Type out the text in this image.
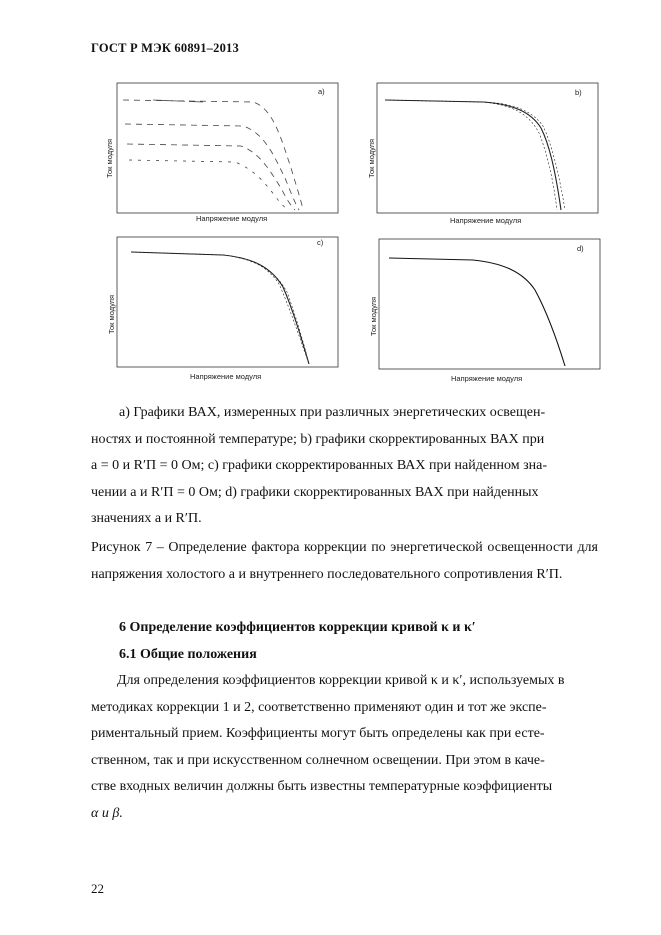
ГОСТ Р МЭК 60891–2013
a)
Ток модуля
Напряжение модуля
b)
Ток модуля
Напряжение модуля
c)
Ток модуля
Напряжение модуля
d)
Ток модуля
Напряжение модуля
а) Графики ВАХ, измеренных при различных энергетических освещен-
ностях и постоянной температуре; b) графики скорректированных ВАХ при
a = 0 и R′П = 0 Ом; с) графики скорректированных ВАХ при найденном зна-
чении a и R′П = 0 Ом; d) графики скорректированных ВАХ при найденных
значениях a и R′П.
Рисунок 7 – Определение фактора коррекции по энергетической освещенности для напряжения холостого a и внутреннего последовательного сопротивления R′П.
6 Определение коэффициентов коррекции кривой κ и κ′
6.1 Общие положения
Для определения коэффициентов коррекции кривой κ и κ′, используемых в
методиках коррекции 1 и 2, соответственно применяют один и тот же экспе-
риментальный прием. Коэффициенты могут быть определены как при есте-
ственном, так и при искусственном солнечном освещении. При этом в каче-
стве входных величин должны быть известны температурные коэффициенты
α и β.
22
